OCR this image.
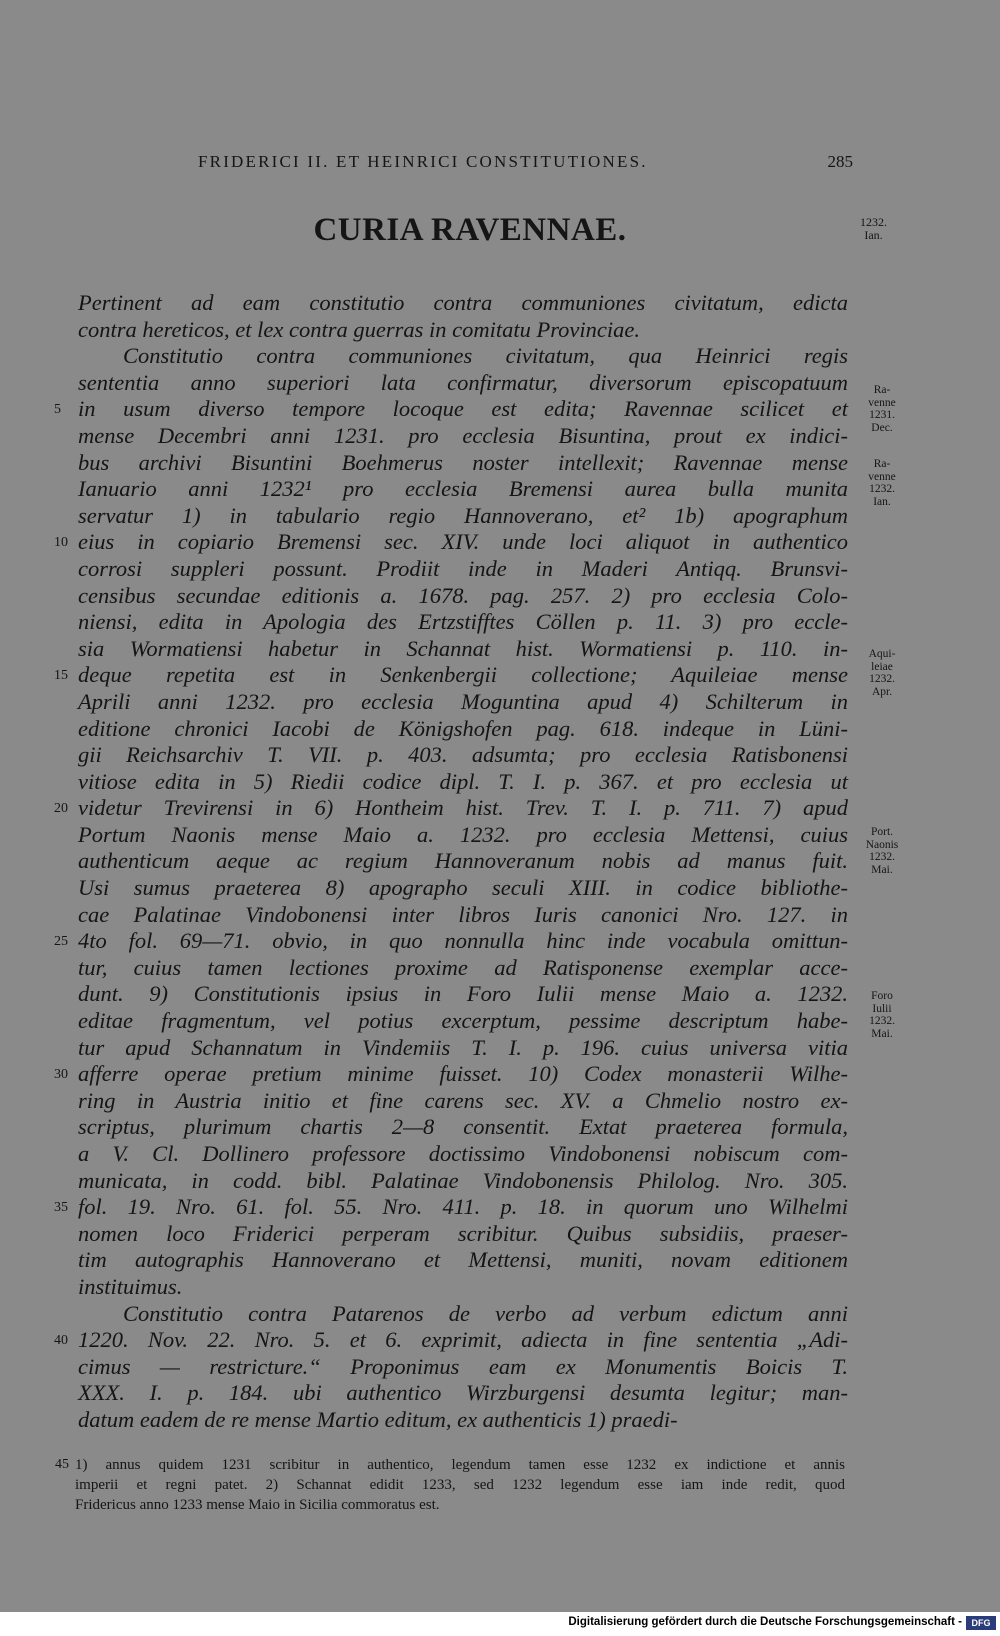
FRIDERICI II. ET HEINRICI CONSTITUTIONES.	285
CURIA RAVENNAE.	1232.
Ian.
Pertinent ad eam constitutio contra communiones civitatum, edicta
contra hereticos, et lex contra guerras in comitatu Provinciae.
Constitutio contra communiones civitatum, qua Heinrici regis
sententia anno superiori lata confirmatur, diversorum episcopatuum
in usum diverso tempore locoque est edita; Ravennae scilicet et
mense Decembri anni 1231. pro ecclesia Bisuntina, prout ex indici-
bus archivi Bisuntini Boehmerus noster intellexit; Ravennae mense
Ianuario anni 1232¹ pro ecclesia Bremensi aurea bulla munita
servatur 1) in tabulario regio Hannoverano, et² 1b) apographum
eius in copiario Bremensi sec. XIV. unde loci aliquot in authentico
corrosi suppleri possunt. Prodiit inde in Maderi Antiqq. Brunsvi-
censibus secundae editionis a. 1678. pag. 257. 2) pro ecclesia Colo-
niensi, edita in Apologia des Ertzstifftes Cöllen p. 11. 3) pro eccle-
sia Wormatiensi habetur in Schannat hist. Wormatiensi p. 110. in-
deque repetita est in Senkenbergii collectione; Aquileiae mense
Aprili anni 1232. pro ecclesia Moguntina apud 4) Schilterum in
editione chronici Iacobi de Königshofen pag. 618. indeque in Lüni-
gii Reichsarchiv T. VII. p. 403. adsumta; pro ecclesia Ratisbonensi
vitiose edita in 5) Riedii codice dipl. T. I. p. 367. et pro ecclesia ut
videtur Trevirensi in 6) Hontheim hist. Trev. T. I. p. 711. 7) apud
Portum Naonis mense Maio a. 1232. pro ecclesia Mettensi, cuius
authenticum aeque ac regium Hannoveranum nobis ad manus fuit.
Usi sumus praeterea 8) apographo seculi XIII. in codice bibliothe-
cae Palatinae Vindobonensi inter libros Iuris canonici Nro. 127. in
4to fol. 69—71. obvio, in quo nonnulla hinc inde vocabula omittun-
tur, cuius tamen lectiones proxime ad Ratisponense exemplar acce-
dunt. 9) Constitutionis ipsius in Foro Iulii mense Maio a. 1232.
editae fragmentum, vel potius excerptum, pessime descriptum habe-
tur apud Schannatum in Vindemiis T. I. p. 196. cuius universa vitia
afferre operae pretium minime fuisset. 10) Codex monasterii Wilhe-
ring in Austria initio et fine carens sec. XV. a Chmelio nostro ex-
scriptus, plurimum chartis 2—8 consentit. Extat praeterea formula,
a V. Cl. Dollinero professore doctissimo Vindobonensi nobiscum com-
municata, in codd. bibl. Palatinae Vindobonensis Philolog. Nro. 305.
fol. 19. Nro. 61. fol. 55. Nro. 411. p. 18. in quorum uno Wilhelmi
nomen loco Friderici perperam scribitur. Quibus subsidiis, praeser-
tim autographis Hannoverano et Mettensi, muniti, novam editionem
instituimus.
Constitutio contra Patarenos de verbo ad verbum edictum anni
1220. Nov. 22. Nro. 5. et 6. exprimit, adiecta in fine sententia „Adi-
cimus — restricture.“ Proponimus eam ex Monumentis Boicis T.
XXX. I. p. 184. ubi authentico Wirzburgensi desumta legitur; man-
datum eadem de re mense Martio editum, ex authenticis 1) praedi-
5
10
15
20
25
30
35
40
Ra-
venne
1231.
Dec.
Ra-
venne
1232.
Ian.
Aqui-
leiae
1232.
Apr.
Port.
Naonis
1232.
Mai.
Foro
Iulii
1232.
Mai.
45 1) annus quidem 1231 scribitur in authentico, legendum tamen esse 1232 ex indictione et annis
imperii et regni patet. 2) Schannat edidit 1233, sed 1232 legendum esse iam inde redit, quod
Fridericus anno 1233 mense Maio in Sicilia commoratus est.
Digitalisierung gefördert durch die Deutsche Forschungsgemeinschaft -	DFG
